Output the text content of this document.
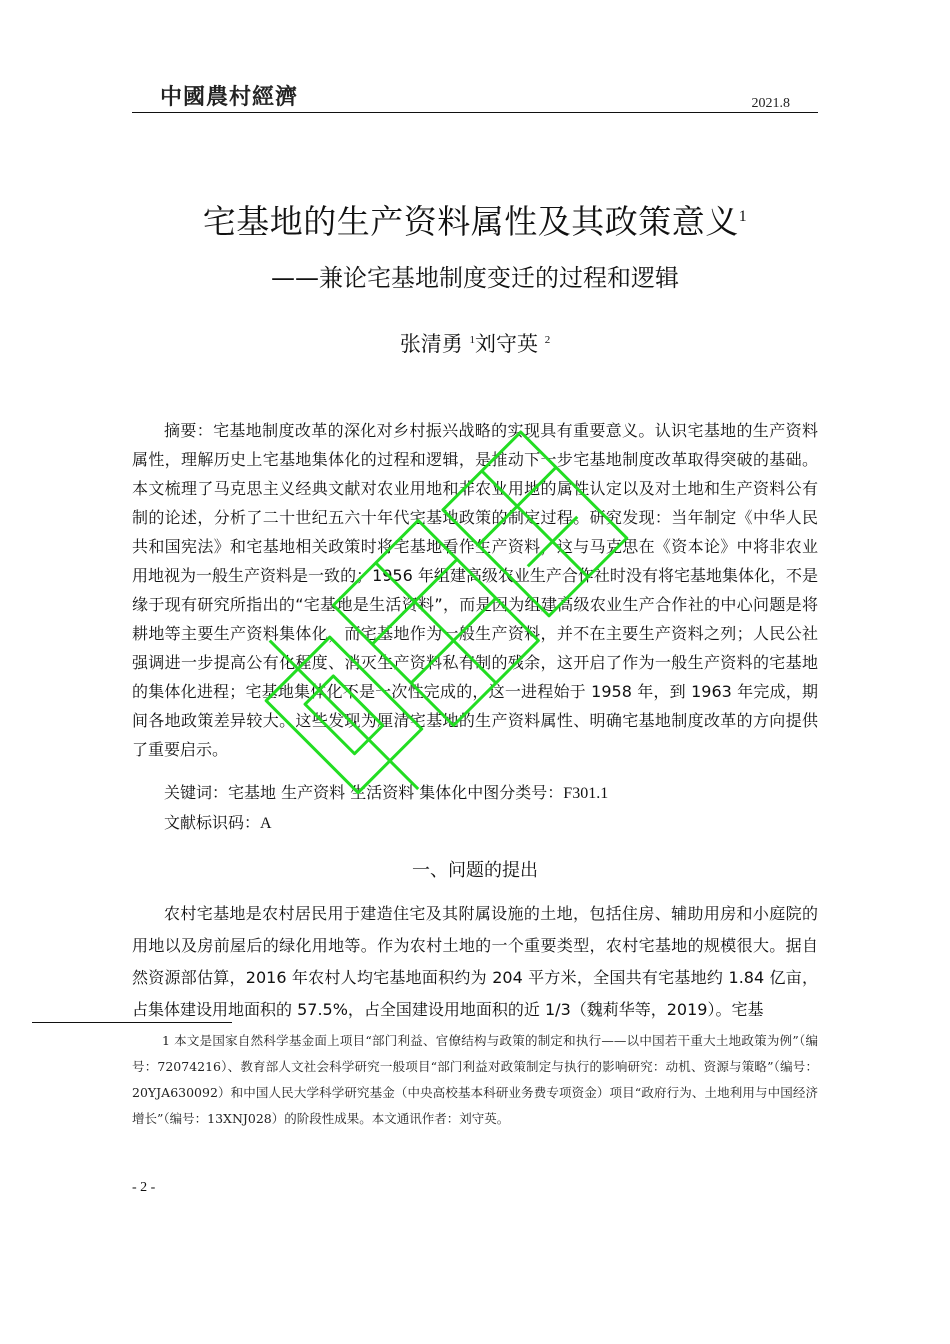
中國農村經濟	2021.8
宅基地的生产资料属性及其政策意义$^1$
——兼论宅基地制度变迁的过程和逻辑
张清勇 $^1$刘守英 $^2$

摘要：宅基地制度改革的深化对乡村振兴战略的实现具有重要意义。认识宅基地的生产资料属性，理解历史上宅基地集体化的过程和逻辑，是推动下一步宅基地制度改革取得突破的基础。本文梳理了马克思主义经典文献对农业用地和非农业用地的属性认定以及对土地和生产资料公有制的论述，分析了二十世纪五六十年代宅基地政策的制定过程。研究发现：当年制定《中华人民共和国宪法》和宅基地相关政策时将宅基地看作生产资料，这与马克思在《资本论》中将非农业用地视为一般生产资料是一致的；1956 年组建高级农业生产合作社时没有将宅基地集体化，不是缘于现有研究所指出的“宅基地是生活资料”，而是因为组建高级农业生产合作社的中心问题是将耕地等主要生产资料集体化，而宅基地作为一般生产资料，并不在主要生产资料之列；人民公社强调进一步提高公有化程度、消灭生产资料私有制的残余，这开启了作为一般生产资料的宅基地的集体化进程；宅基地集体化不是一次性完成的，这一进程始于 1958 年，到 1963 年完成，期间各地政策差异较大。这些发现为厘清宅基地的生产资料属性、明确宅基地制度改革的方向提供了重要启示。

关键词：宅基地 生产资料 生活资料 集体化中图分类号：F301.1
文献标识码：A
一、问题的提出

农村宅基地是农村居民用于建造住宅及其附属设施的土地，包括住房、辅助用房和小庭院的用地以及房前屋后的绿化用地等。作为农村土地的一个重要类型，农村宅基地的规模很大。据自然资源部估算，2016 年农村人均宅基地面积约为 204 平方米，全国共有宅基地约 1.84 亿亩，占集体建设用地面积的 57.5%，占全国建设用地面积的近 1/3（魏莉华等，2019）。宅基

1 本文是国家自然科学基金面上项目“部门利益、官僚结构与政策的制定和执行——以中国若干重大土地政策为例”（编号：72074216）、教育部人文社会科学研究一般项目“部门利益对政策制定与执行的影响研究：动机、资源与策略”（编号：20YJA630092）和中国人民大学科学研究基金（中央高校基本科研业务费专项资金）项目“政府行为、土地利用与中国经济增长”（编号：13XNJ028）的阶段性成果。本文通讯作者：刘守英。

- 2 -
